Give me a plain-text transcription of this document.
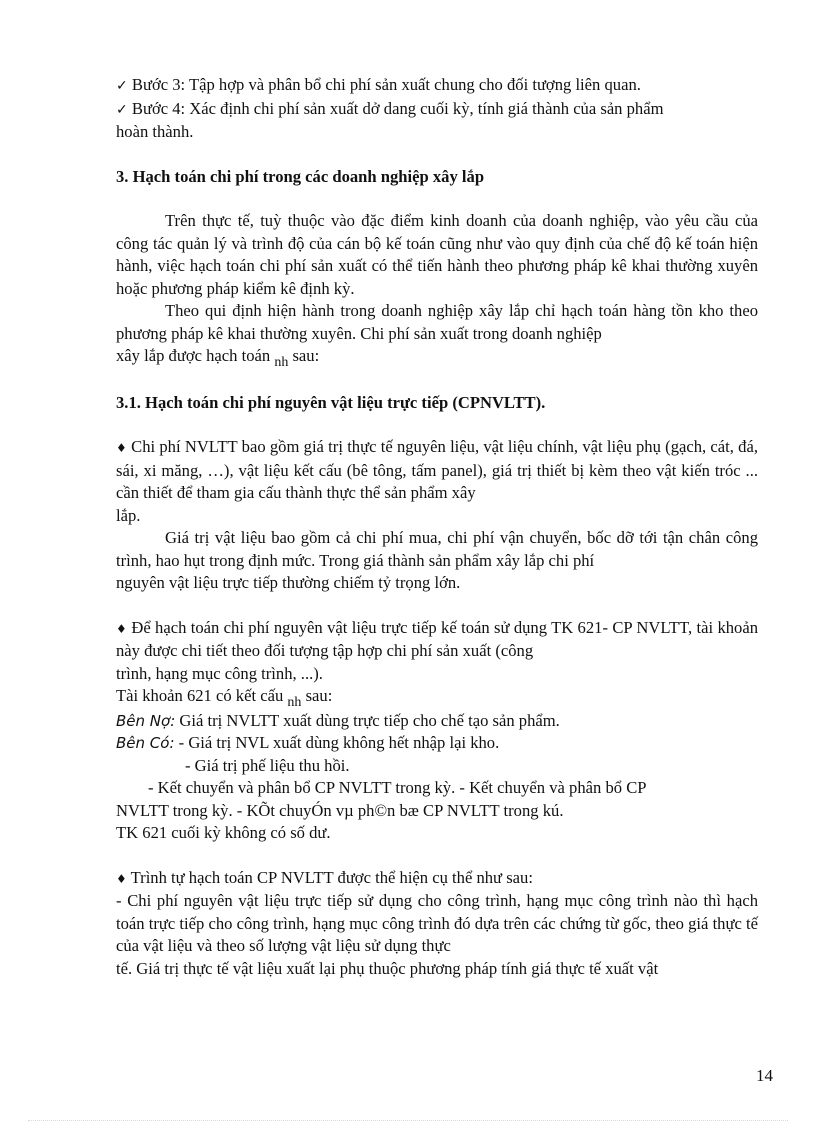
✓ Bước 3: Tập hợp và phân bổ chi phí sản xuất chung cho đối tượng liên quan.

✓ Bước 4: Xác định chi phí sản xuất dở dang cuối kỳ, tính giá thành của sản phẩm

hoàn thành.

3. Hạch toán chi phí trong các doanh nghiệp xây lắp

Trên thực tế, tuỳ thuộc vào đặc điểm kinh doanh của doanh nghiệp, vào yêu cầu của công tác quản lý và trình độ của cán bộ kế toán cũng như vào quy định của chế độ kế toán hiện hành, việc hạch toán chi phí sản xuất có thể tiến hành theo phương pháp kê khai thường xuyên hoặc phương pháp kiểm kê định kỳ.

Theo qui định hiện hành trong doanh nghiệp xây lắp chỉ hạch toán hàng tồn kho theo phương pháp kê khai thường xuyên. Chi phí sản xuất trong doanh nghiệp

xây lắp được hạch toán $_{nh}$ sau:

3.1. Hạch toán chi phí nguyên vật liệu trực tiếp (CPNVLTT).

♦ Chi phí NVLTT bao gồm giá trị thực tế nguyên liệu, vật liệu chính, vật liệu phụ (gạch, cát, đá, sái, xi măng, …), vật liệu kết cấu (bê tông, tấm panel), giá trị thiết bị kèm theo vật kiến tróc ... cần thiết để tham gia cấu thành thực thể sản phẩm xây

lắp.

Giá trị vật liệu bao gồm cả chi phí mua, chi phí vận chuyển, bốc dỡ tới tận chân công trình, hao hụt trong định mức. Trong giá thành sản phẩm xây lắp chi phí

nguyên vật liệu trực tiếp thường chiếm tỷ trọng lớn.

♦ Để hạch toán chi phí nguyên vật liệu trực tiếp kế toán sử dụng TK 621- CP NVLTT, tài khoản này được chi tiết theo đối tượng tập hợp chi phí sản xuất (công

trình, hạng mục công trình, ...).

Tài khoản 621 có kết cấu $_{nh}$ sau:

Bên Nợ: Giá trị NVLTT xuất dùng trực tiếp cho chế tạo sản phẩm.

Bên Có: - Giá trị NVL xuất dùng không hết nhập lại kho.

- Giá trị phế liệu thu hồi.

- Kết chuyển và phân bổ CP NVLTT trong kỳ. - Kết chuyển và phân bổ CP

NVLTT trong kỳ. - KÕt chuyÓn vµ ph©n bæ CP NVLTT trong kú.

TK 621 cuối kỳ không có số dư.

♦ Trình tự hạch toán CP NVLTT được thể hiện cụ thể như sau:

- Chi phí nguyên vật liệu trực tiếp sử dụng cho công trình, hạng mục công trình nào thì hạch toán trực tiếp cho công trình, hạng mục công trình đó dựa trên các chứng từ gốc, theo giá thực tế của vật liệu và theo số lượng vật liệu sử dụng thực

tế. Giá trị thực tế vật liệu xuất lại phụ thuộc phương pháp tính giá thực tế xuất vật

14
